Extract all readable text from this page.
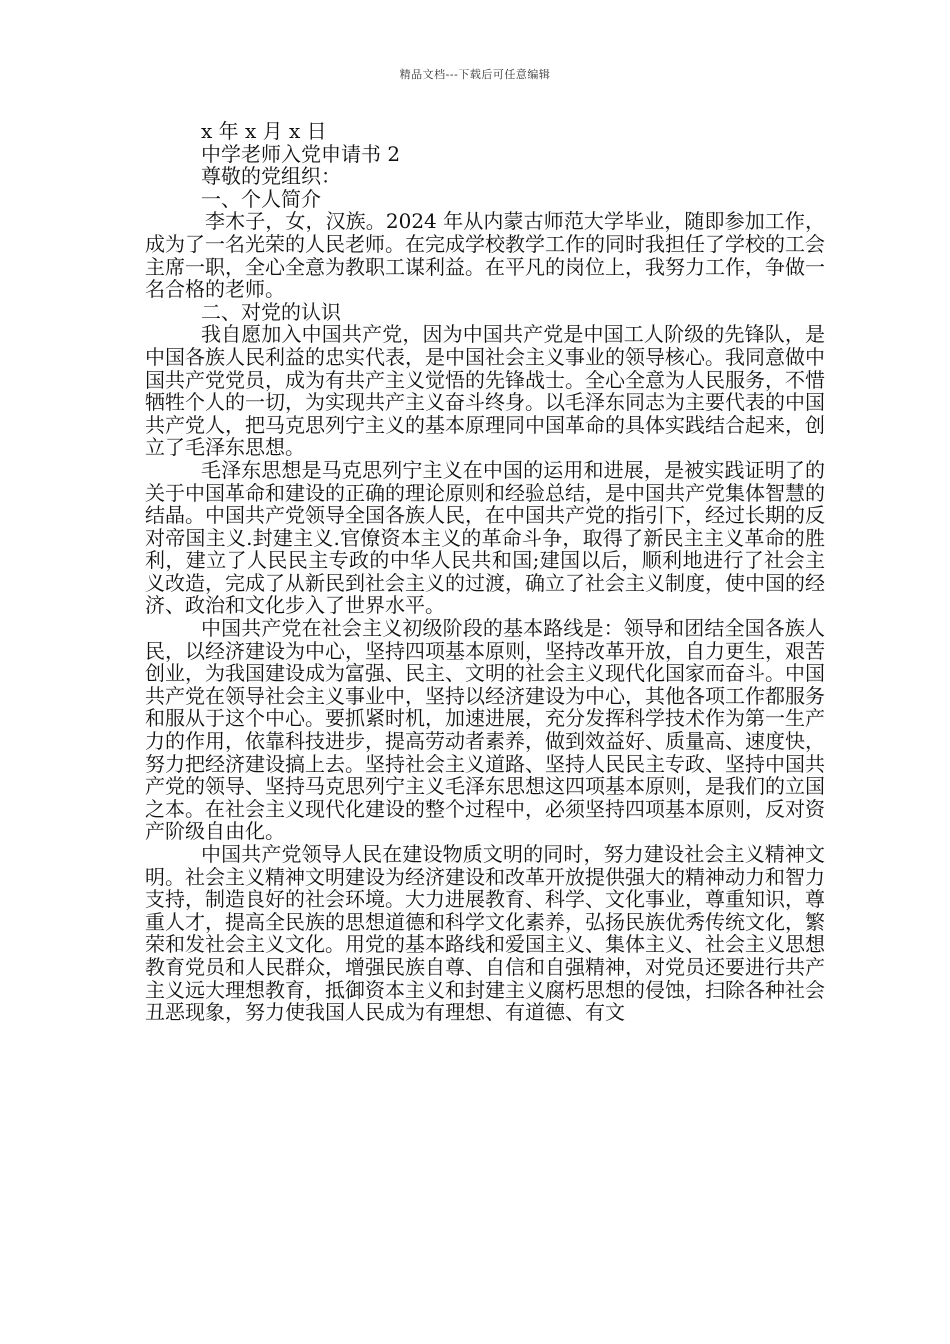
精品文档---下载后可任意编辑
x 年 x 月 x 日
中学老师入党申请书 2
尊敬的党组织：
一、个人简介
李木子，女，汉族。2024 年从内蒙古师范大学毕业，随即参加工作，成为了一名光荣的人民老师。在完成学校教学工作的同时我担任了学校的工会主席一职，全心全意为教职工谋利益。在平凡的岗位上，我努力工作，争做一名合格的老师。
二、对党的认识
我自愿加入中国共产党，因为中国共产党是中国工人阶级的先锋队，是中国各族人民利益的忠实代表，是中国社会主义事业的领导核心。我同意做中国共产党党员，成为有共产主义觉悟的先锋战士。全心全意为人民服务，不惜牺牲个人的一切，为实现共产主义奋斗终身。以毛泽东同志为主要代表的中国共产党人，把马克思列宁主义的基本原理同中国革命的具体实践结合起来，创立了毛泽东思想。
毛泽东思想是马克思列宁主义在中国的运用和进展，是被实践证明了的关于中国革命和建设的正确的理论原则和经验总结，是中国共产党集体智慧的结晶。中国共产党领导全国各族人民，在中国共产党的指引下，经过长期的反对帝国主义.封建主义.官僚资本主义的革命斗争，取得了新民主主义革命的胜利，建立了人民民主专政的中华人民共和国;建国以后，顺利地进行了社会主义改造，完成了从新民到社会主义的过渡，确立了社会主义制度，使中国的经济、政治和文化步入了世界水平。
中国共产党在社会主义初级阶段的基本路线是：领导和团结全国各族人民，以经济建设为中心，坚持四项基本原则，坚持改革开放，自力更生，艰苦创业，为我国建设成为富强、民主、文明的社会主义现代化国家而奋斗。中国共产党在领导社会主义事业中，坚持以经济建设为中心，其他各项工作都服务和服从于这个中心。要抓紧时机，加速进展，充分发挥科学技术作为第一生产力的作用，依靠科技进步，提高劳动者素养，做到效益好、质量高、速度快，努力把经济建设搞上去。坚持社会主义道路、坚持人民民主专政、坚持中国共产党的领导、坚持马克思列宁主义毛泽东思想这四项基本原则，是我们的立国之本。在社会主义现代化建设的整个过程中，必须坚持四项基本原则，反对资产阶级自由化。
中国共产党领导人民在建设物质文明的同时，努力建设社会主义精神文明。社会主义精神文明建设为经济建设和改革开放提供强大的精神动力和智力支持，制造良好的社会环境。大力进展教育、科学、文化事业，尊重知识，尊重人才，提高全民族的思想道德和科学文化素养，弘扬民族优秀传统文化，繁荣和发社会主义文化。用党的基本路线和爱国主义、集体主义、社会主义思想教育党员和人民群众，增强民族自尊、自信和自强精神，对党员还要进行共产主义远大理想教育，抵御资本主义和封建主义腐朽思想的侵蚀，扫除各种社会丑恶现象，努力使我国人民成为有理想、有道德、有文
